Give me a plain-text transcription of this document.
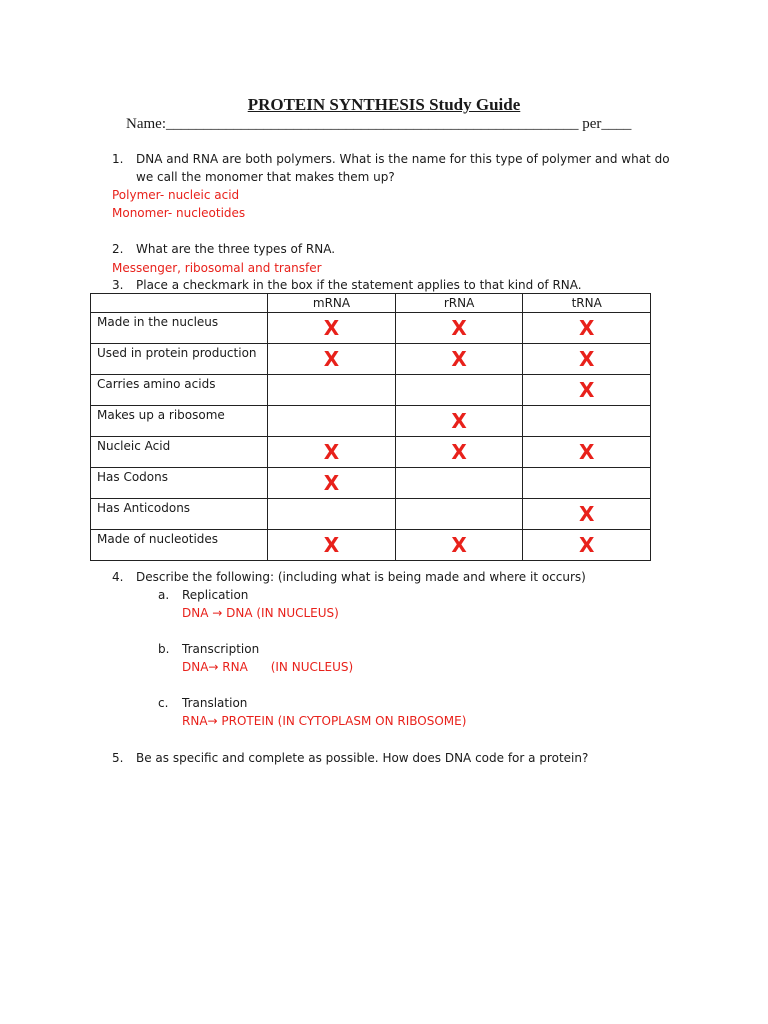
PROTEIN SYNTHESIS Study Guide
Name:_______________________________________________________ per____
1. DNA and RNA are both polymers. What is the name for this type of polymer and what do
we call the monomer that makes them up?
Polymer- nucleic acid
Monomer- nucleotides
2. What are the three types of RNA.
Messenger, ribosomal and transfer
3. Place a checkmark in the box if the statement applies to that kind of RNA.
	mRNA	rRNA	tRNA
Made in the nucleus	X	X	X
Used in protein production	X	X	X
Carries amino acids			X
Makes up a ribosome		X	
Nucleic Acid	X	X	X
Has Codons	X		
Has Anticodons			X
Made of nucleotides	X	X	X
4. Describe the following: (including what is being made and where it occurs)
a. Replication
DNA → DNA (IN NUCLEUS)
b. Transcription
DNA→ RNA      (IN NUCLEUS)
c. Translation
RNA→ PROTEIN (IN CYTOPLASM ON RIBOSOME)
5. Be as specific and complete as possible. How does DNA code for a protein?
